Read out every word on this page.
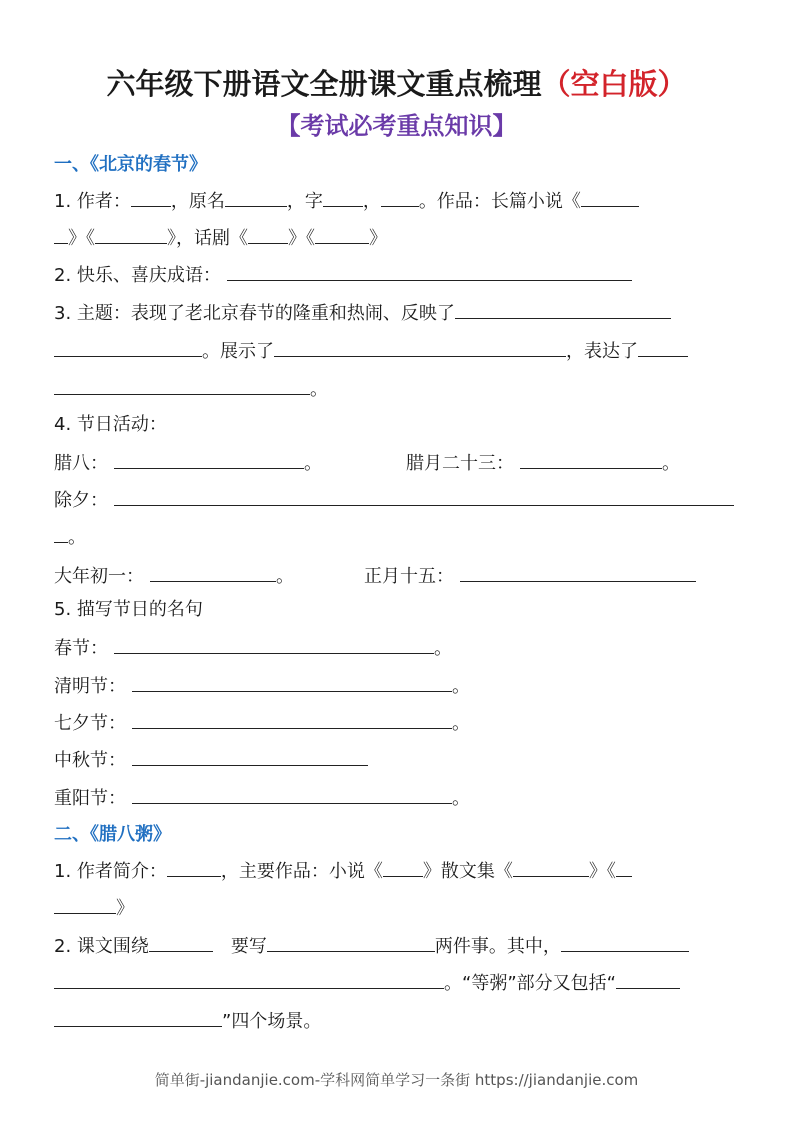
六年级下册语文全册课文重点梳理（空白版）
【考试必考重点知识】
一、《北京的春节》
1. 作者： ，原名	，字 ， 。作品：长篇小说《
》《	》，话剧《 》《	》
2. 快乐、喜庆成语：
3. 主题：表现了老北京春节的隆重和热闹、反映了
。展示了	，表达了
。
4. 节日活动：
腊八：	。	腊月二十三：	。
除夕：
。
大年初一：	。	正月十五：
5. 描写节日的名句
春节：	。
清明节：	。
七夕节：	。
中秋节：
重阳节：	。
二、《腊八粥》
1. 作者简介：	，主要作品：小说《 》散文集《	》《
》
2. 课文围绕	要写	两件事。其中，
。“等粥”部分又包括“
”四个场景。
简单街-jiandanjie.com-学科网简单学习一条街 https://jiandanjie.com
